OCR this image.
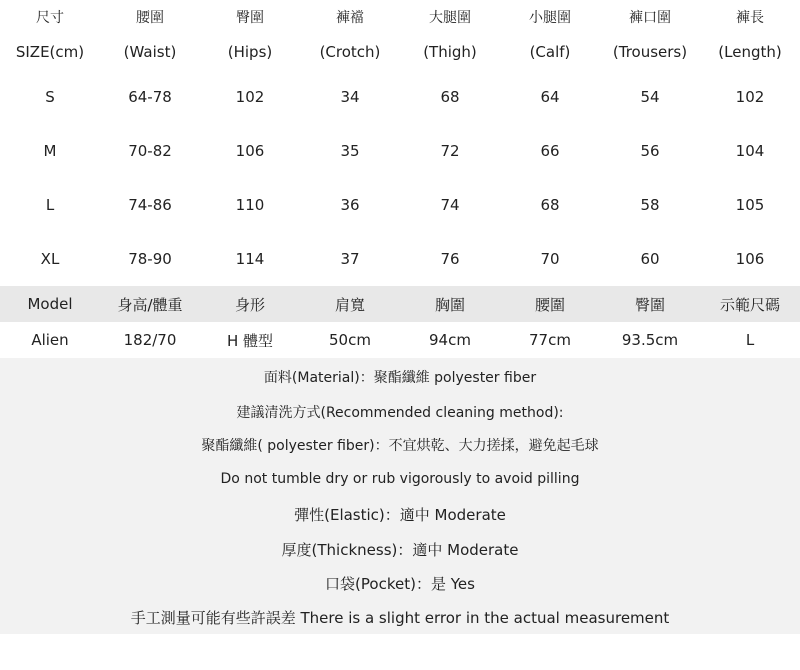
尺寸	腰圍	臀圍	褲襠	大腿圍	小腿圍	褲口圍	褲長
SIZE(cm)	(Waist)	(Hips)	(Crotch)	(Thigh)	(Calf)	(Trousers)	(Length)
S	64-78	102	34	68	64	54	102
M	70-82	106	35	72	66	56	104
L	74-86	110	36	74	68	58	105
XL	78-90	114	37	76	70	60	106
Model	身高/體重	身形	肩寬	胸圍	腰圍	臀圍	示範尺碼
Alien	182/70	H 體型	50cm	94cm	77cm	93.5cm	L
面料(Material)：聚酯纖維 polyester fiber
建議清洗方式(Recommended cleaning method):
聚酯纖維( polyester fiber)：不宜烘乾、大力搓揉，避免起毛球
Do not tumble dry or rub vigorously to avoid pilling
彈性(Elastic)：適中 Moderate
厚度(Thickness)：適中 Moderate
口袋(Pocket)：是 Yes
手工測量可能有些許誤差 There is a slight error in the actual measurement
